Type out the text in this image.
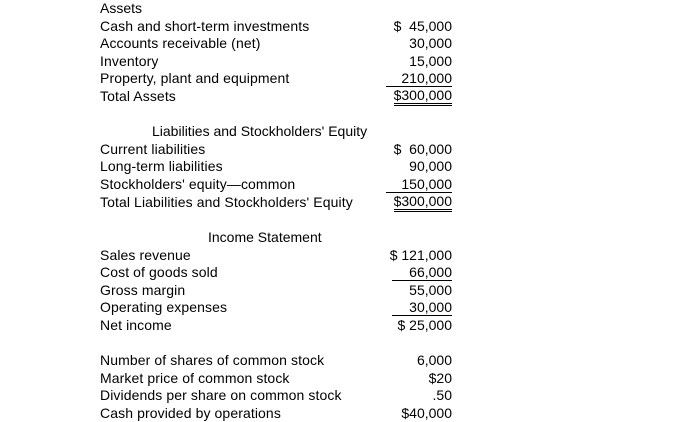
Assets
Cash and short-term investments	$  45,000
Accounts receivable (net)	30,000
Inventory	15,000
Property, plant and equipment	210,000
Total Assets	$300,000
Liabilities and Stockholders' Equity
Current liabilities	$  60,000
Long-term liabilities	90,000
Stockholders' equity—common	150,000
Total Liabilities and Stockholders' Equity	$300,000
Income Statement
Sales revenue	$ 121,000
Cost of goods sold	66,000
Gross margin	55,000
Operating expenses	30,000
Net income	$ 25,000
Number of shares of common stock	6,000
Market price of common stock	$20
Dividends per share on common stock	.50
Cash provided by operations	$40,000
